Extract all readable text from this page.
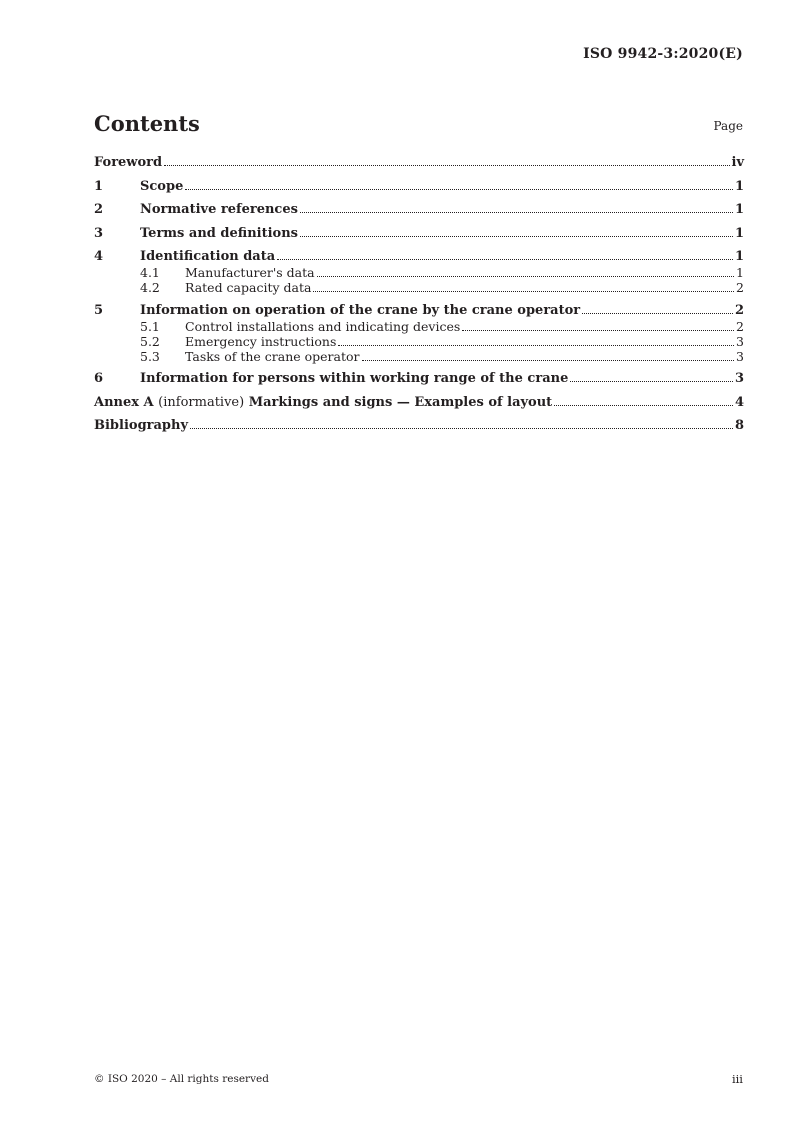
ISO 9942-3:2020(E)
Contents	Page
Foreword	iv
1	Scope	1
2	Normative references	1
3	Terms and definitions	1
4	Identification data	1
4.1	Manufacturer's data	1
4.2	Rated capacity data	2
5	Information on operation of the crane by the crane operator	2
5.1	Control installations and indicating devices	2
5.2	Emergency instructions	3
5.3	Tasks of the crane operator	3
6	Information for persons within working range of the crane	3
Annex A (informative) Markings and signs — Examples of layout	4
Bibliography	8
© ISO 2020 – All rights reserved	iii
